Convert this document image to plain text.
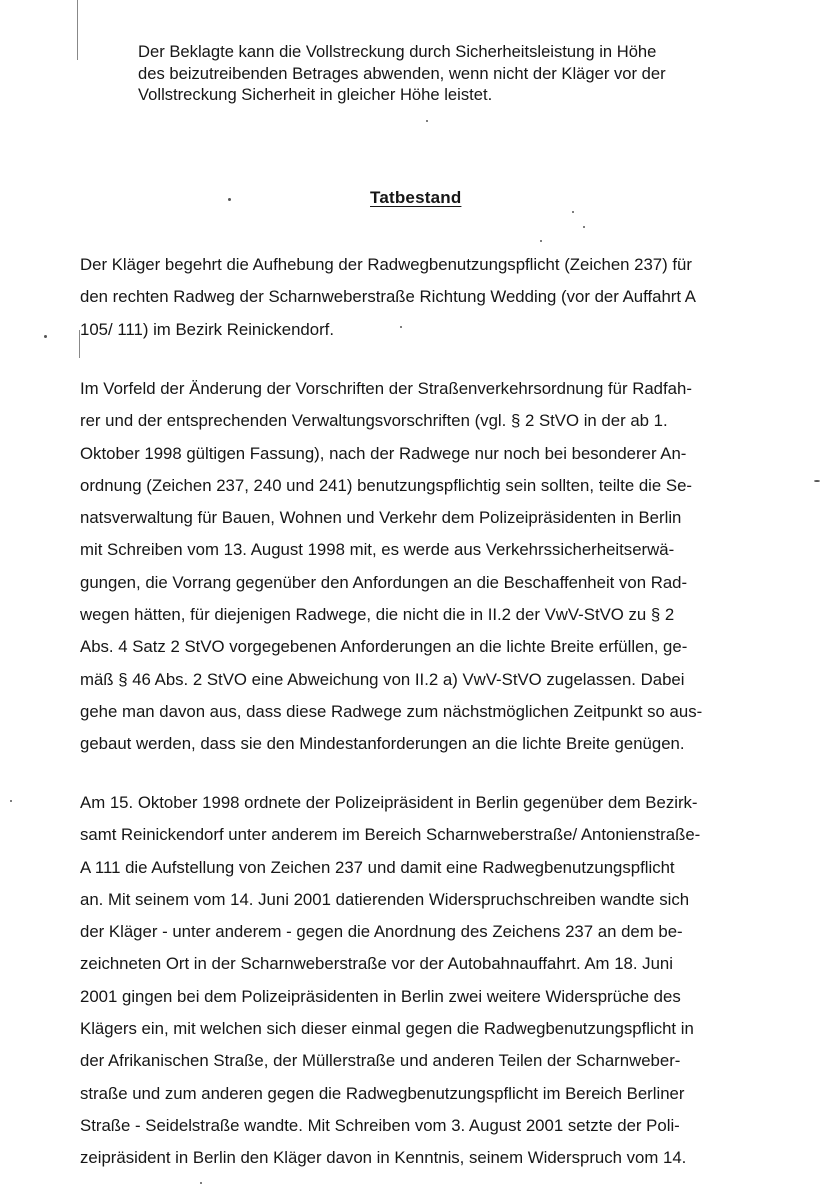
Der Beklagte kann die Vollstreckung durch Sicherheitsleistung in Höhe
des beizutreibenden Betrages abwenden, wenn nicht der Kläger vor der
Vollstreckung Sicherheit in gleicher Höhe leistet.
Tatbestand
Der Kläger begehrt die Aufhebung der Radwegbenutzungspflicht (Zeichen 237) für
den rechten Radweg der Scharnweberstraße Richtung Wedding (vor der Auffahrt A
105/ 111) im Bezirk Reinickendorf.
Im Vorfeld der Änderung der Vorschriften der Straßenverkehrsordnung für Radfah-
rer und der entsprechenden Verwaltungsvorschriften (vgl. § 2 StVO in der ab 1.
Oktober 1998 gültigen Fassung), nach der Radwege nur noch bei besonderer An-
ordnung (Zeichen 237, 240 und 241) benutzungspflichtig sein sollten, teilte die Se-
natsverwaltung für Bauen, Wohnen und Verkehr dem Polizeipräsidenten in Berlin
mit Schreiben vom 13. August 1998 mit, es werde aus Verkehrssicherheitserwä-
gungen, die Vorrang gegenüber den Anfordungen an die Beschaffenheit von Rad-
wegen hätten, für diejenigen Radwege, die nicht die in II.2 der VwV-StVO zu § 2
Abs. 4 Satz 2 StVO vorgegebenen Anforderungen an die lichte Breite erfüllen, ge-
mäß § 46 Abs. 2 StVO eine Abweichung von II.2 a) VwV-StVO zugelassen. Dabei
gehe man davon aus, dass diese Radwege zum nächstmöglichen Zeitpunkt so aus-
gebaut werden, dass sie den Mindestanforderungen an die lichte Breite genügen.
Am 15. Oktober 1998 ordnete der Polizeipräsident in Berlin gegenüber dem Bezirk-
samt Reinickendorf unter anderem im Bereich Scharnweberstraße/ Antonienstraße-
A 111 die Aufstellung von Zeichen 237 und damit eine Radwegbenutzungspflicht
an. Mit seinem vom 14. Juni 2001 datierenden Widerspruchschreiben wandte sich
der Kläger - unter anderem - gegen die Anordnung des Zeichens 237 an dem be-
zeichneten Ort in der Scharnweberstraße vor der Autobahnauffahrt. Am 18. Juni
2001 gingen bei dem Polizeipräsidenten in Berlin zwei weitere Widersprüche des
Klägers ein, mit welchen sich dieser einmal gegen die Radwegbenutzungspflicht in
der Afrikanischen Straße, der Müllerstraße und anderen Teilen der Scharnweber-
straße und zum anderen gegen die Radwegbenutzungspflicht im Bereich Berliner
Straße - Seidelstraße wandte. Mit Schreiben vom 3. August 2001 setzte der Poli-
zeipräsident in Berlin den Kläger davon in Kenntnis, seinem Widerspruch vom 14.
